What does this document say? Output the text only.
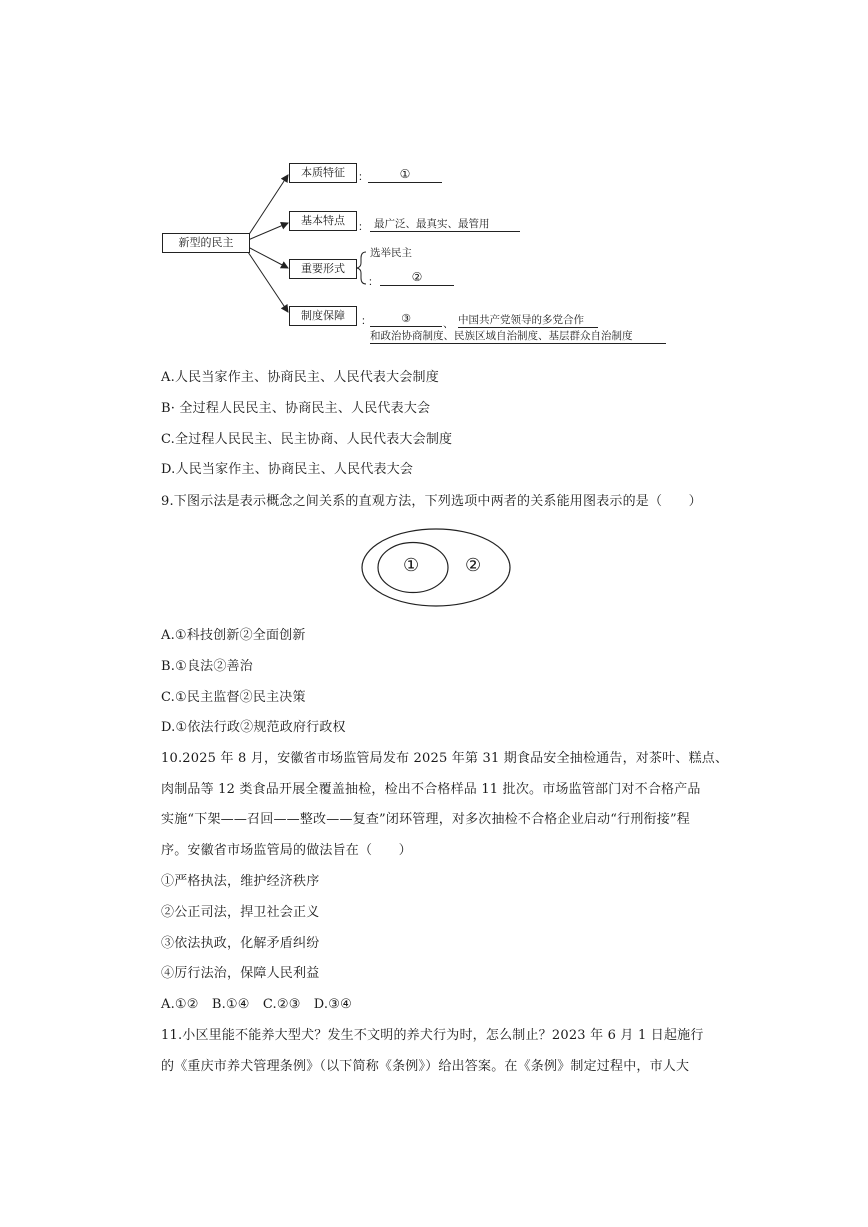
新型的民主
本质特征	：	①
基本特点	： 最广泛、最真实、最管用
重要形式
选举民主
：	②
制度保障	：	③	、 中国共产党领导的多党合作
和政治协商制度、民族区域自治制度、基层群众自治制度
A.人民当家作主、协商民主、人民代表大会制度
B· 全过程人民民主、协商民主、人民代表大会
C.全过程人民民主、民主协商、人民代表大会制度
D.人民当家作主、协商民主、人民代表大会
9.下图示法是表示概念之间关系的直观方法，下列选项中两者的关系能用图表示的是（　　）
①	②
A.①科技创新②全面创新
B.①良法②善治
C.①民主监督②民主决策
D.①依法行政②规范政府行政权
10.2025 年 8 月，安徽省市场监管局发布 2025 年第 31 期食品安全抽检通告，对茶叶、糕点、
肉制品等 12 类食品开展全覆盖抽检，检出不合格样品 11 批次。市场监管部门对不合格产品
实施“下架——召回——整改——复查”闭环管理，对多次抽检不合格企业启动“行刑衔接”程
序。安徽省市场监管局的做法旨在（　　）
①严格执法，维护经济秩序
②公正司法，捍卫社会正义
③依法执政，化解矛盾纠纷
④厉行法治，保障人民利益
A.①②　B.①④　C.②③　D.③④
11.小区里能不能养大型犬？发生不文明的养犬行为时，怎么制止？2023 年 6 月 1 日起施行
的《重庆市养犬管理条例》（以下简称《条例》）给出答案。在《条例》制定过程中，市人大
